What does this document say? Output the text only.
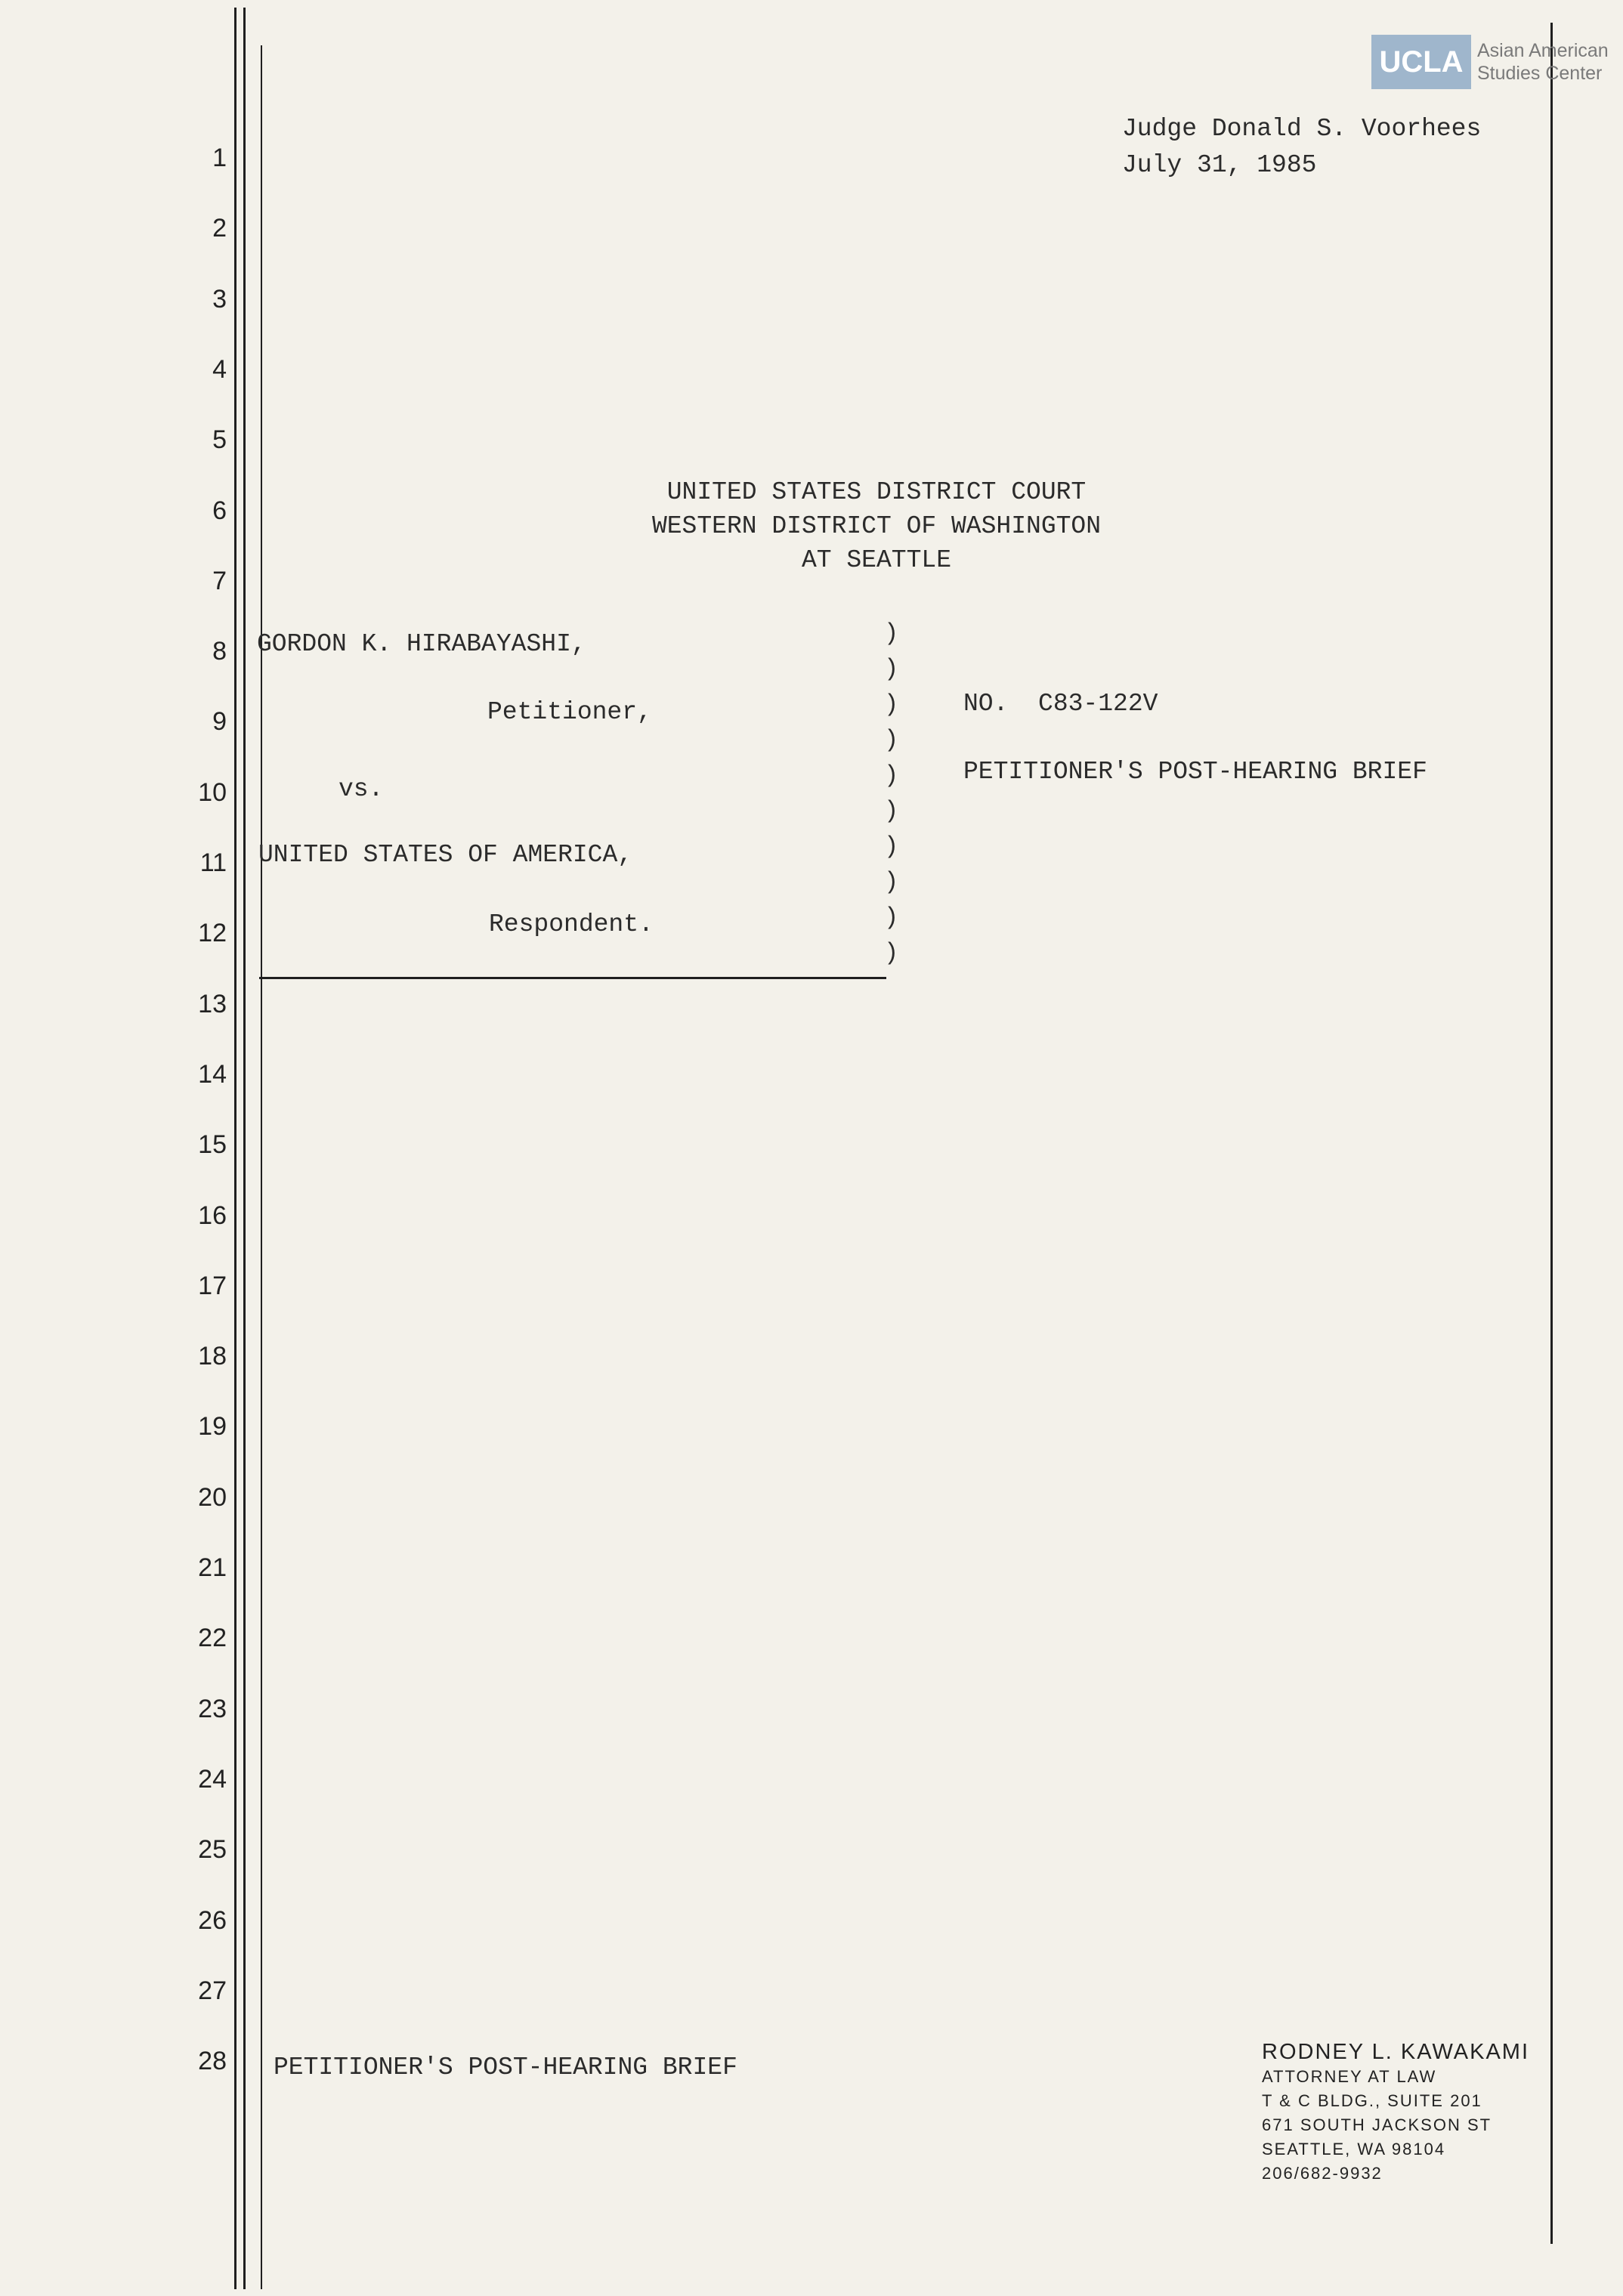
UCLA Asian American
Studies Center
Judge Donald S. Voorhees
July 31, 1985
1
2
3
4
5
6
7
8
9
10
11
12
13
14
15
16
17
18
19
20
21
22
23
24
25
26
27
28
UNITED STATES DISTRICT COURT
WESTERN DISTRICT OF WASHINGTON
AT SEATTLE
GORDON K. HIRABAYASHI,
Petitioner,
vs.
UNITED STATES OF AMERICA,
Respondent.
)
)
)
)
)
)
)
)
)
)
NO.  C83-122V
PETITIONER'S POST-HEARING BRIEF
PETITIONER'S POST-HEARING BRIEF
RODNEY L. KAWAKAMI
ATTORNEY AT LAW
T & C BLDG., SUITE 201
671 SOUTH JACKSON ST
SEATTLE, WA 98104
206/682-9932
